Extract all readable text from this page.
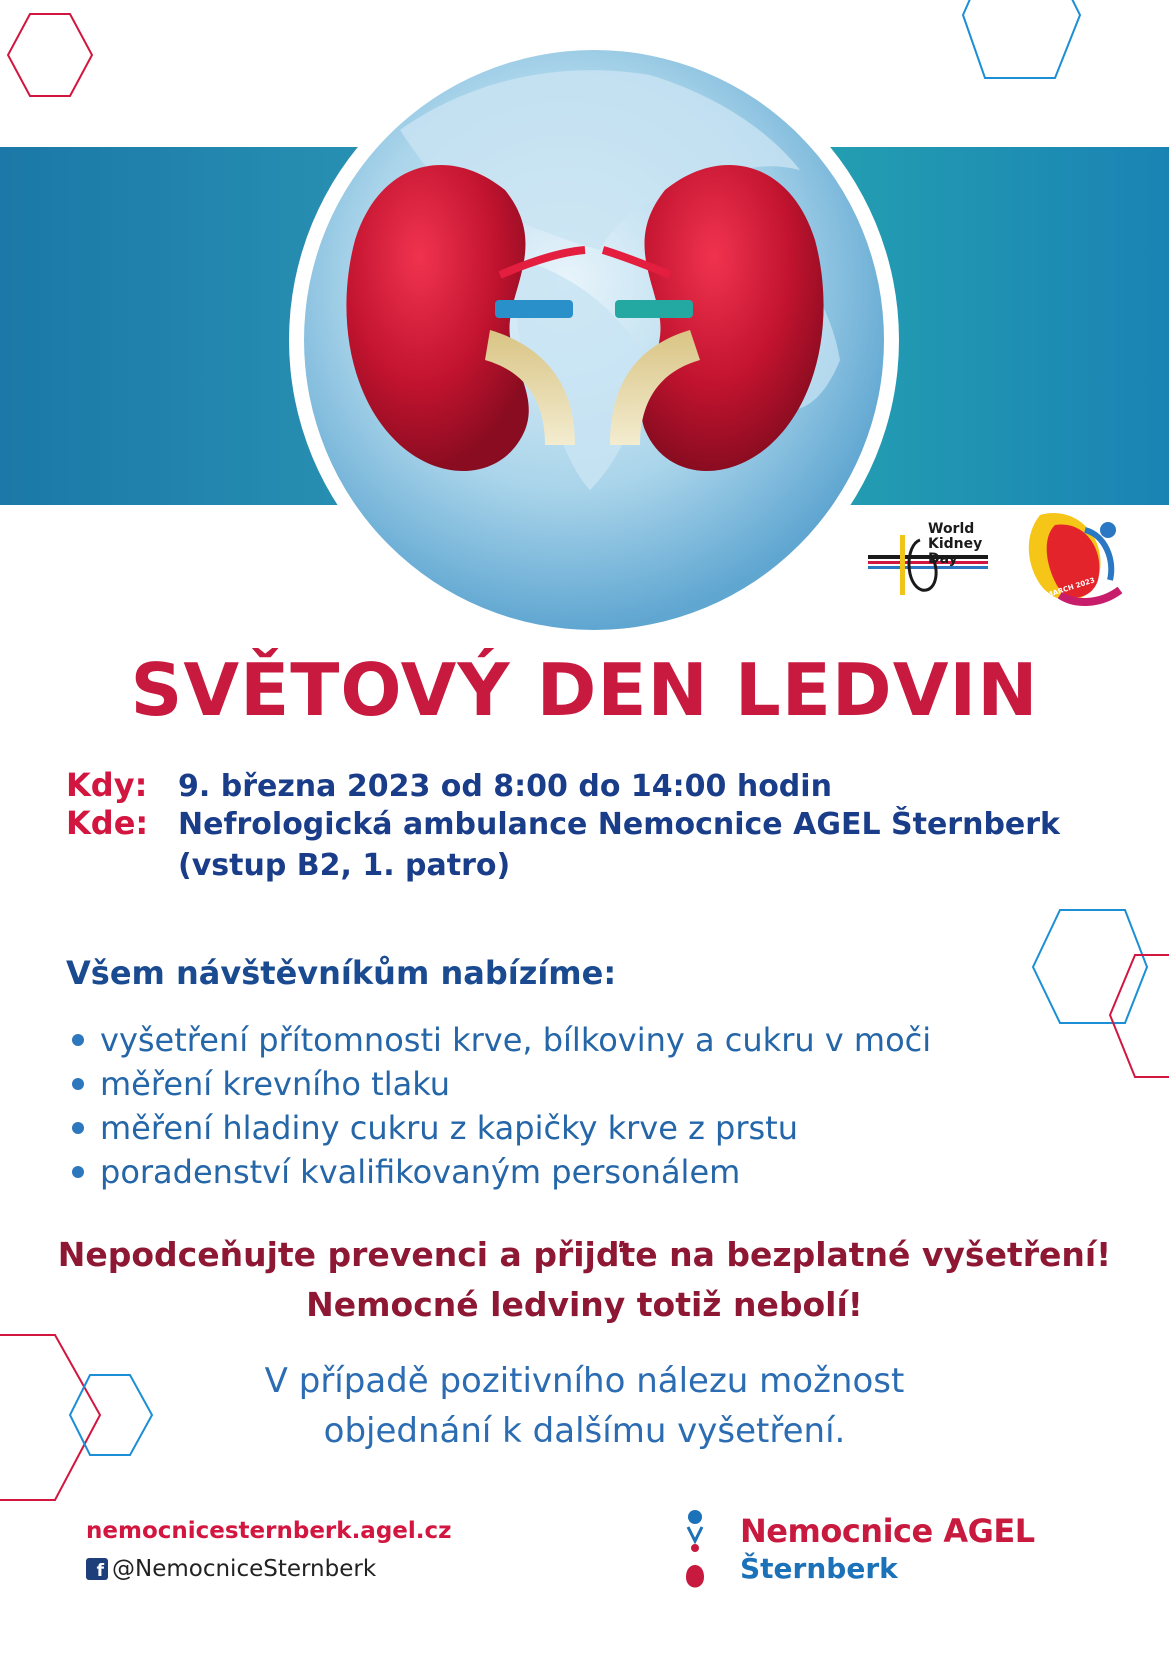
World
Kidney
Day
9 MARCH 2023
SVĚTOVÝ DEN LEDVIN
Kdy:	9. března 2023 od 8:00 do 14:00 hodin
Kde: Nefrologická ambulance Nemocnice AGEL Šternberk
(vstup B2, 1. patro)
Všem návštěvníkům nabízíme:
vyšetření přítomnosti krve, bílkoviny a cukru v moči
měření krevního tlaku
měření hladiny cukru z kapičky krve z prstu
poradenství kvalifikovaným personálem
Nepodceňujte prevenci a přijďte na bezplatné vyšetření!
Nemocné ledviny totiž nebolí!
V případě pozitivního nálezu možnost
objednání k dalšímu vyšetření.
nemocnicesternberk.agel.cz
f @NemocniceSternberk
Nemocnice AGEL
Šternberk
